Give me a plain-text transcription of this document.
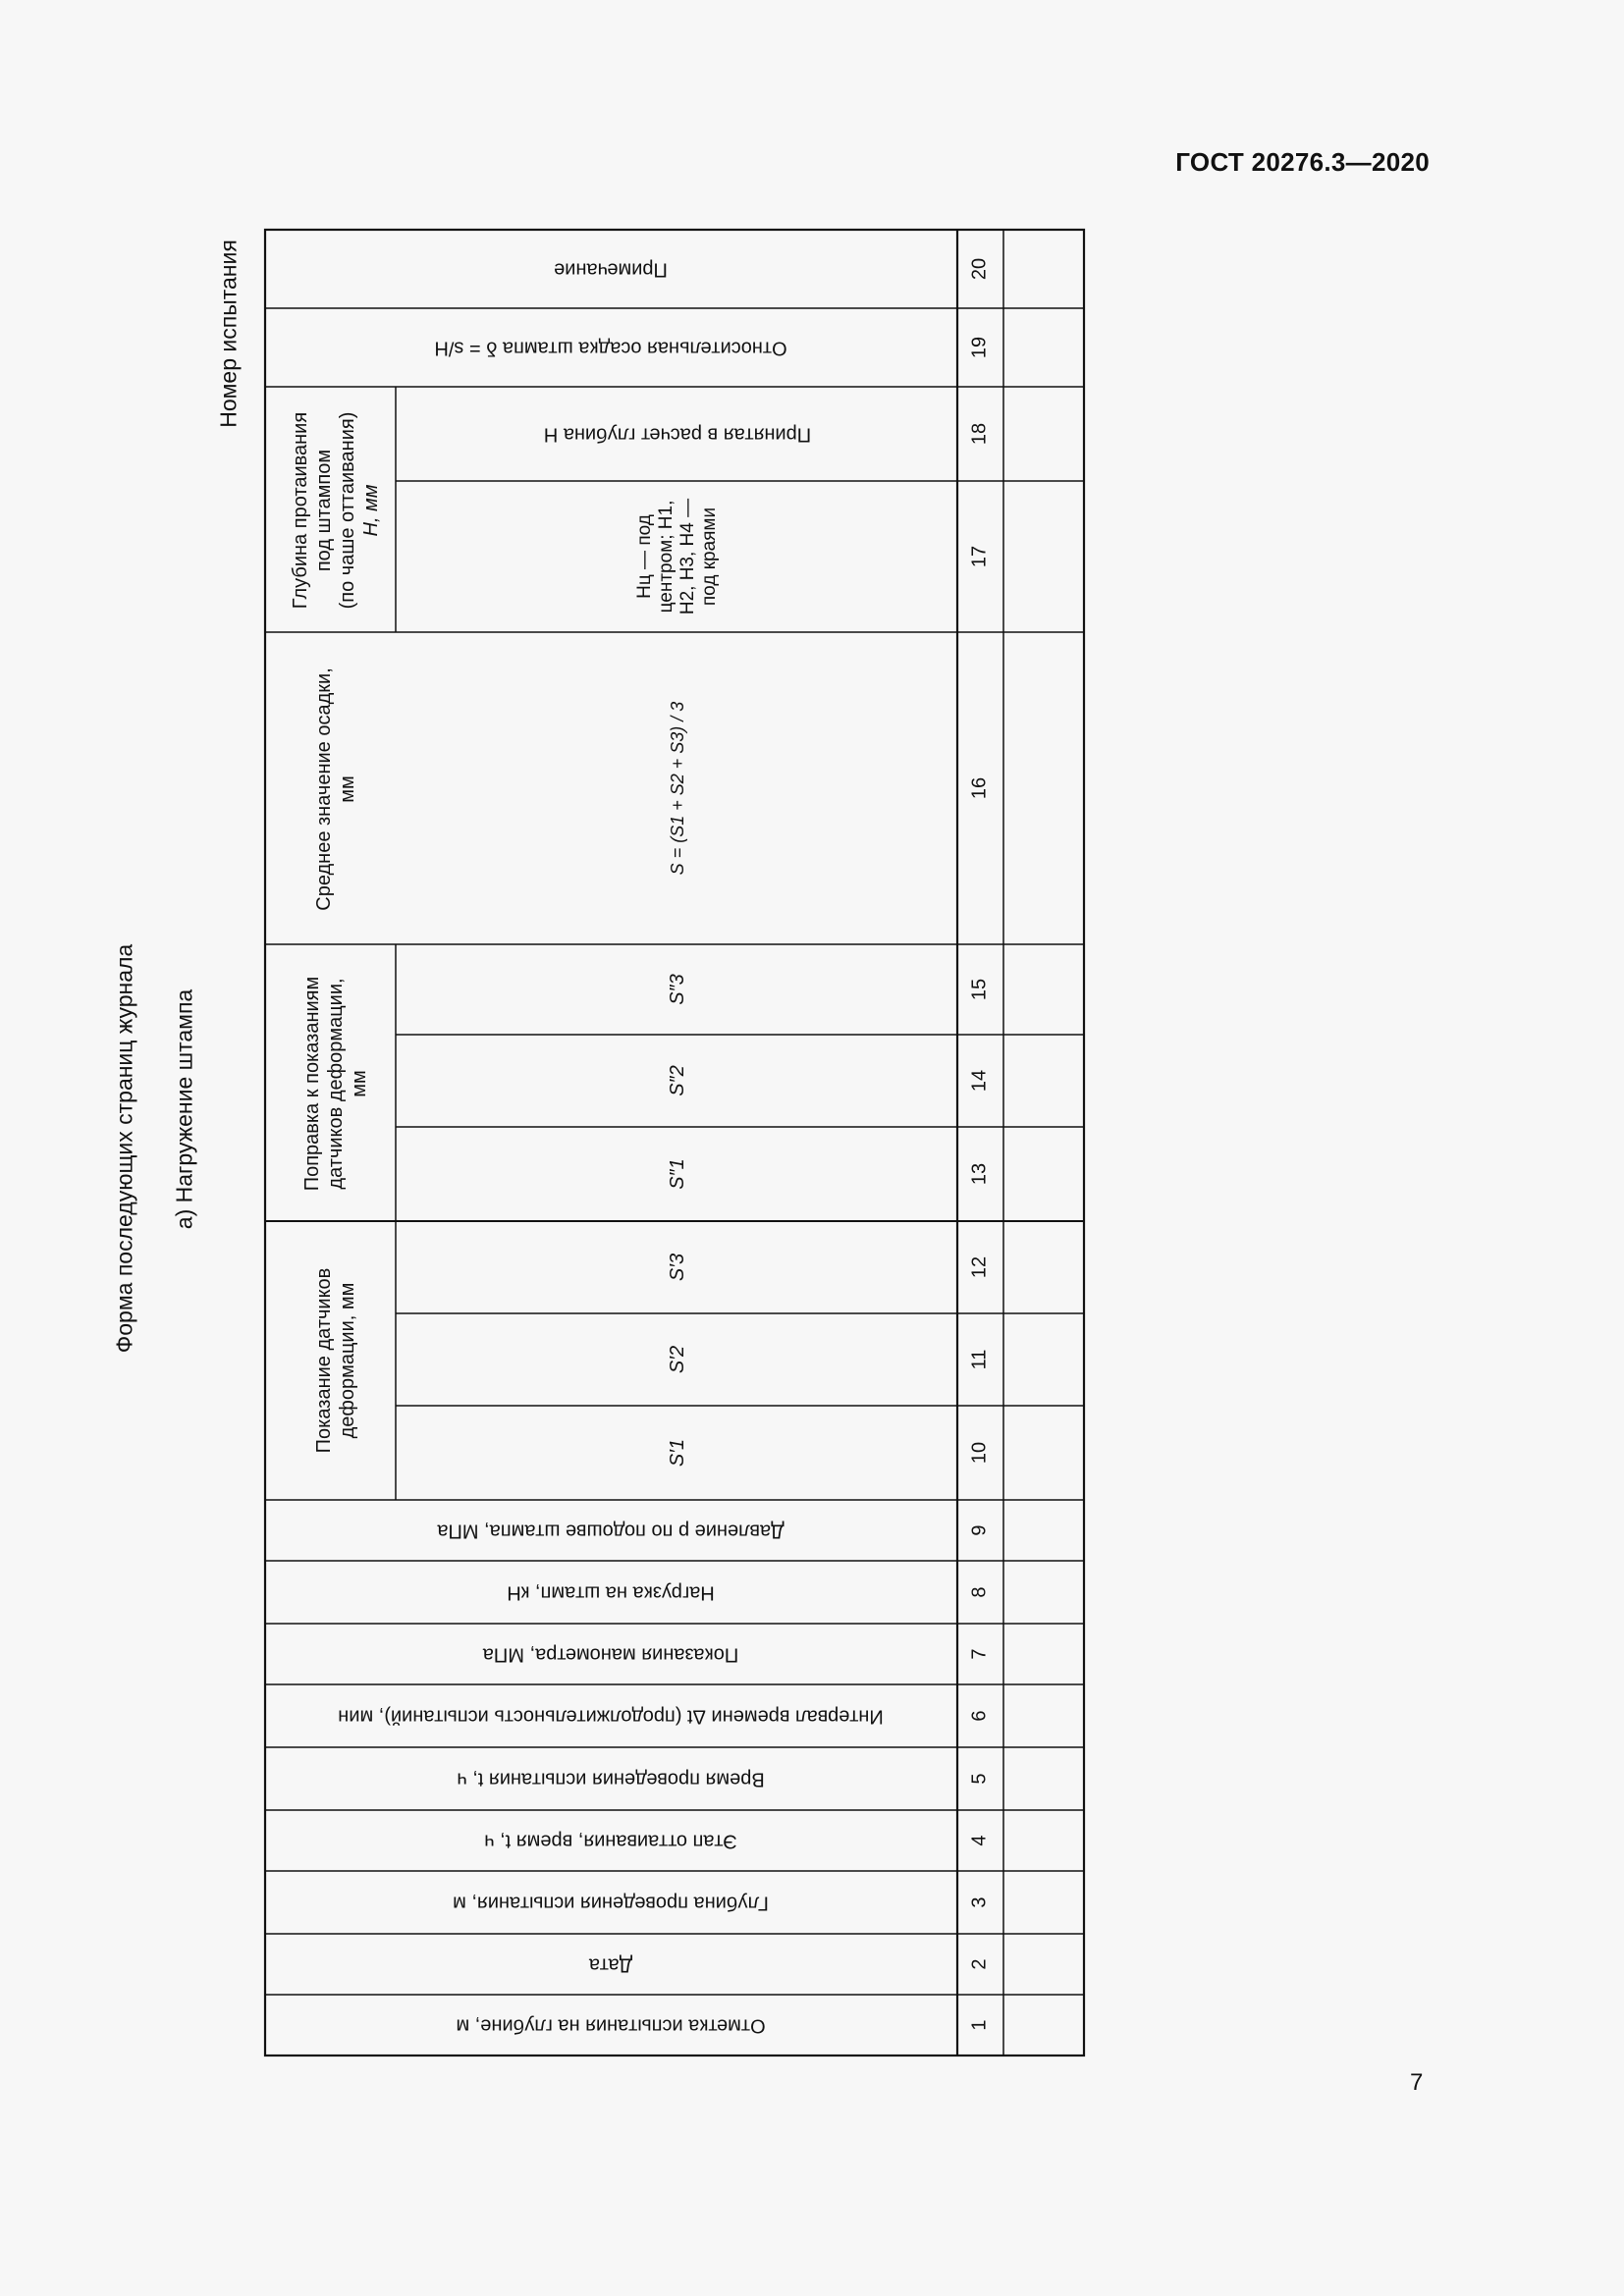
ГОСТ 20276.3—2020
7
Форма последующих страниц журнала а) Нагружение штампа
Номер испытания
Показание датчиков деформации, мм
Поправка к показаниям датчиков деформации, мм
Среднее значение осадки, мм
Глубина протаивания под штампом (по чаше оттаивания) H, мм
Отметка испытания на глубине, м
Дата
Глубина проведения испытания, м
Этап оттаивания, время t, ч
Время проведения испытания t, ч
Интервал времени Δt (продолжительность испытаний), мин
Показания манометра, МПа
Нагрузка на штамп, кН
Давление p по подошве штампа, МПа
S′1
S′2
S′3
S″1
S″2
S″3
S = (S1 + S2 + S3) / 3
Hц — под центром; H1, H2, H3, H4 — под краями
Принятая в расчет глубина H
Относительная осадка штампа δ = s/H
Примечание
1
2
3
4
5
6
7
8
9
10
11
12
13
14
15
16
17
18
19
20
